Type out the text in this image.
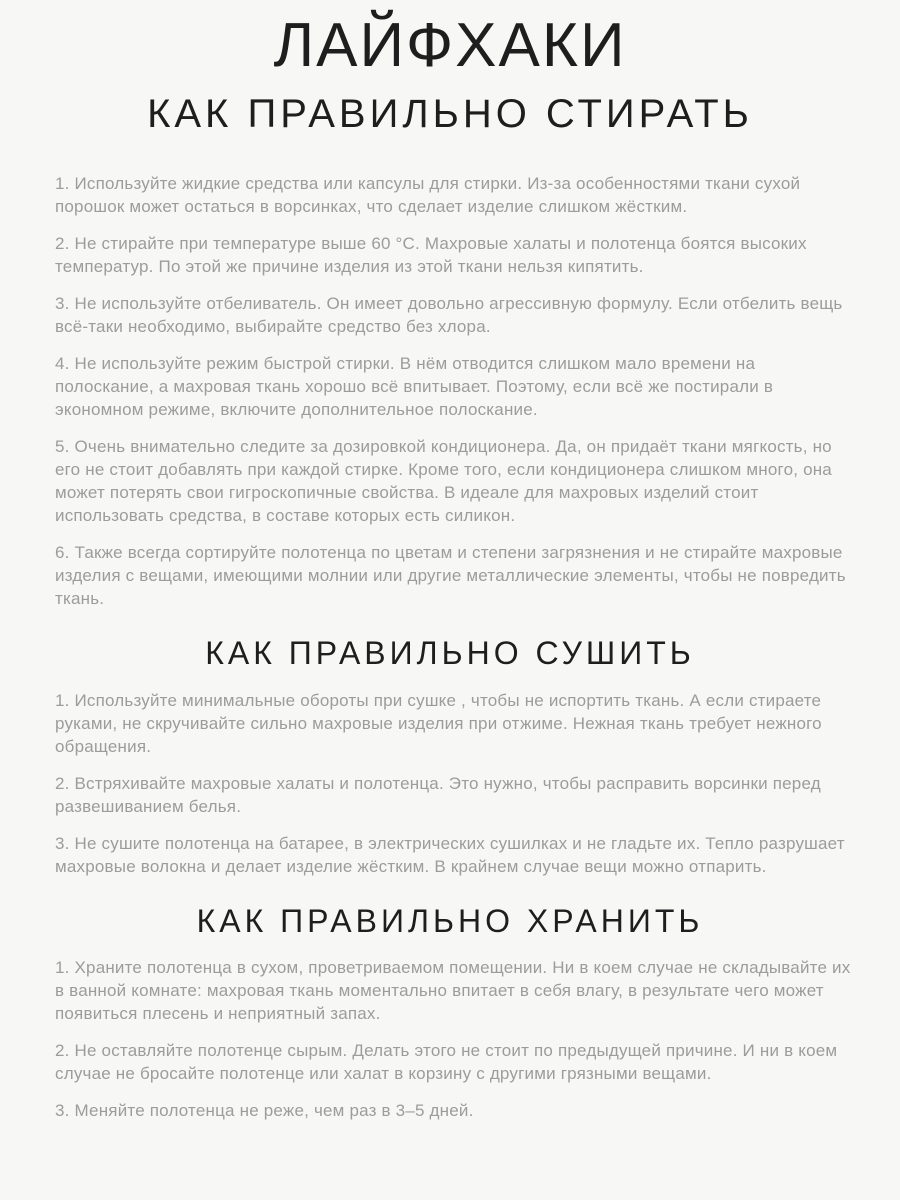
ЛАЙФХАКИ
КАК ПРАВИЛЬНО СТИРАТЬ

1. Используйте жидкие средства или капсулы для стирки. Из-за особенностями ткани сухой порошок может остаться в ворсинках, что сделает изделие слишком жёстким.

2. Не стирайте при температуре выше 60 °C. Махровые халаты и полотенца боятся высоких температур. По этой же причине изделия из этой ткани нельзя кипятить.

3. Не используйте отбеливатель. Он имеет довольно агрессивную формулу. Если отбелить вещь всё-таки необходимо, выбирайте средство без хлора.

4. Не используйте режим быстрой стирки. В нём отводится слишком мало времени на полоскание, а махровая ткань хорошо всё впитывает. Поэтому, если всё же постирали в экономном режиме, включите дополнительное полоскание.

5. Очень внимательно следите за дозировкой кондиционера. Да, он придаёт ткани мягкость, но его не стоит добавлять при каждой стирке. Кроме того, если кондиционера слишком много, она может потерять свои гигроскопичные свойства. В идеале для махровых изделий стоит использовать средства, в составе которых есть силикон.

6. Также всегда сортируйте полотенца по цветам и степени загрязнения и не стирайте махровые изделия с вещами, имеющими молнии или другие металлические элементы, чтобы не повредить ткань.

КАК ПРАВИЛЬНО СУШИТЬ

1. Используйте минимальные обороты при сушке , чтобы не испортить ткань. А если стираете руками, не скручивайте сильно махровые изделия при отжиме. Нежная ткань требует нежного обращения.

2. Встряхивайте махровые халаты и полотенца. Это нужно, чтобы расправить ворсинки перед развешиванием белья.

3. Не сушите полотенца на батарее, в электрических сушилках и не гладьте их. Тепло разрушает махровые волокна и делает изделие жёстким. В крайнем случае вещи можно отпарить.

КАК ПРАВИЛЬНО ХРАНИТЬ

1. Храните полотенца в сухом, проветриваемом помещении. Ни в коем случае не складывайте их в ванной комнате: махровая ткань моментально впитает в себя влагу, в результате чего может появиться плесень и неприятный запах.

2. Не оставляйте полотенце сырым. Делать этого не стоит по предыдущей причине. И ни в коем случае не бросайте полотенце или халат в корзину с другими грязными вещами.

3. Меняйте полотенца не реже, чем раз в 3–5 дней.
